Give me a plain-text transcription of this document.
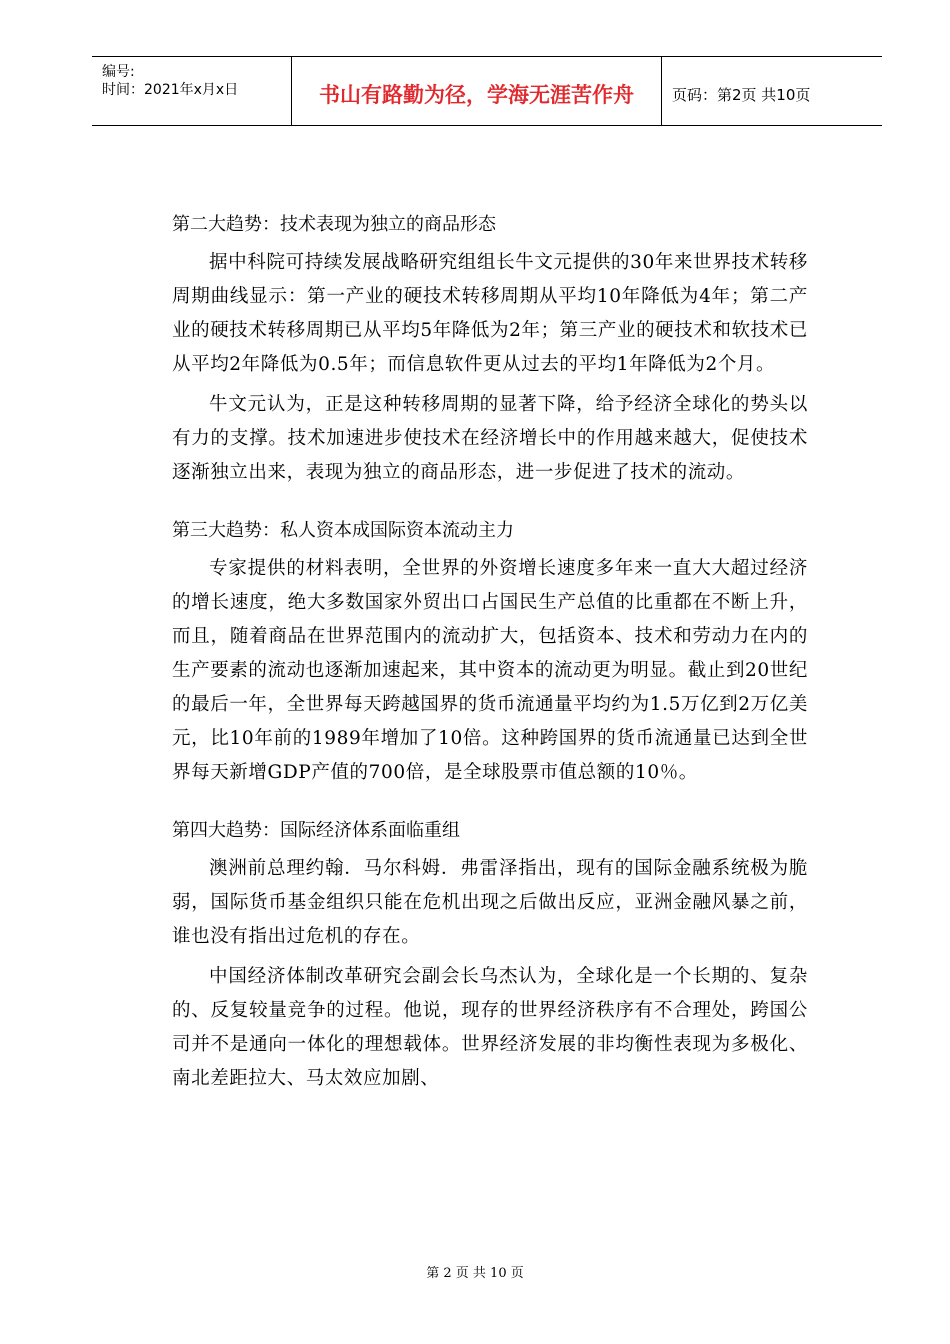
编号:
时间：2021年x月x日	书山有路勤为径，学海无涯苦作舟	页码：第2页 共10页
第二大趋势：技术表现为独立的商品形态

据中科院可持续发展战略研究组组长牛文元提供的30年来世界技术转移周期曲线显示：第一产业的硬技术转移周期从平均10年降低为4年；第二产业的硬技术转移周期已从平均5年降低为2年；第三产业的硬技术和软技术已从平均2年降低为0.5年；而信息软件更从过去的平均1年降低为2个月。

牛文元认为，正是这种转移周期的显著下降，给予经济全球化的势头以有力的支撑。技术加速进步使技术在经济增长中的作用越来越大，促使技术逐渐独立出来，表现为独立的商品形态，进一步促进了技术的流动。

第三大趋势：私人资本成国际资本流动主力

专家提供的材料表明，全世界的外资增长速度多年来一直大大超过经济的增长速度，绝大多数国家外贸出口占国民生产总值的比重都在不断上升，而且，随着商品在世界范围内的流动扩大，包括资本、技术和劳动力在内的生产要素的流动也逐渐加速起来，其中资本的流动更为明显。截止到20世纪的最后一年，全世界每天跨越国界的货币流通量平均约为1.5万亿到2万亿美元，比10年前的1989年增加了10倍。这种跨国界的货币流通量已达到全世界每天新增GDP产值的700倍，是全球股票市值总额的10％。

第四大趋势：国际经济体系面临重组

澳洲前总理约翰．马尔科姆．弗雷泽指出，现有的国际金融系统极为脆弱，国际货币基金组织只能在危机出现之后做出反应，亚洲金融风暴之前，谁也没有指出过危机的存在。

中国经济体制改革研究会副会长乌杰认为，全球化是一个长期的、复杂的、反复较量竞争的过程。他说，现存的世界经济秩序有不合理处，跨国公司并不是通向一体化的理想载体。世界经济发展的非均衡性表现为多极化、南北差距拉大、马太效应加剧、

第 2 页 共 10 页
